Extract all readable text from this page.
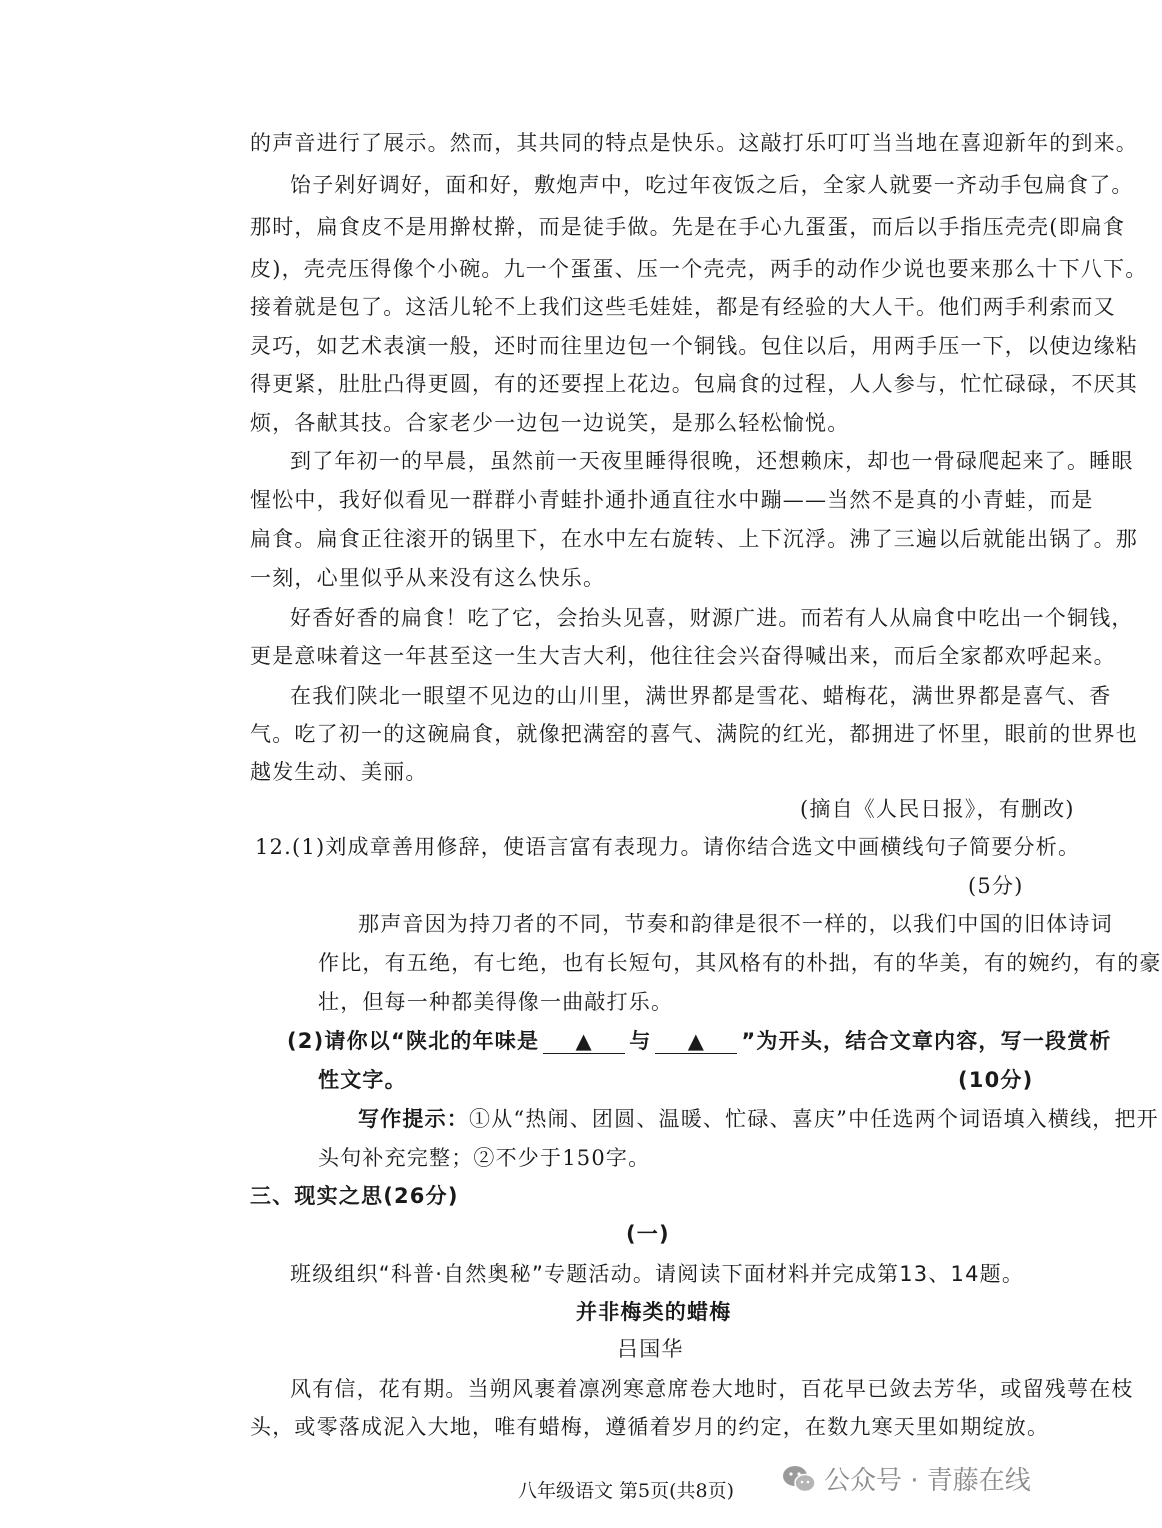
的声音进行了展示。然而，其共同的特点是快乐。这敲打乐叮叮当当地在喜迎新年的到来。
饴子剁好调好，面和好，敷炮声中，吃过年夜饭之后，全家人就要一齐动手包扁食了。
那时，扁食皮不是用擀杖擀，而是徒手做。先是在手心九蛋蛋，而后以手指压壳壳(即扁食
皮)，壳壳压得像个小碗。九一个蛋蛋、压一个壳壳，两手的动作少说也要来那么十下八下。
接着就是包了。这活儿轮不上我们这些毛娃娃，都是有经验的大人干。他们两手利索而又
灵巧，如艺术表演一般，还时而往里边包一个铜钱。包住以后，用两手压一下，以使边缘粘
得更紧，肚肚凸得更圆，有的还要捏上花边。包扁食的过程，人人参与，忙忙碌碌，不厌其
烦，各献其技。合家老少一边包一边说笑，是那么轻松愉悦。
到了年初一的早晨，虽然前一天夜里睡得很晚，还想赖床，却也一骨碌爬起来了。睡眼
惺忪中，我好似看见一群群小青蛙扑通扑通直往水中蹦——当然不是真的小青蛙，而是
扁食。扁食正往滚开的锅里下，在水中左右旋转、上下沉浮。沸了三遍以后就能出锅了。那
一刻，心里似乎从来没有这么快乐。
好香好香的扁食！吃了它，会抬头见喜，财源广进。而若有人从扁食中吃出一个铜钱，
更是意味着这一年甚至这一生大吉大利，他往往会兴奋得喊出来，而后全家都欢呼起来。
在我们陕北一眼望不见边的山川里，满世界都是雪花、蜡梅花，满世界都是喜气、香
气。吃了初一的这碗扁食，就像把满窑的喜气、满院的红光，都拥进了怀里，眼前的世界也
越发生动、美丽。
(摘自《人民日报》，有删改)
12.(1)刘成章善用修辞，使语言富有表现力。请你结合选文中画横线句子简要分析。
(5分)
那声音因为持刀者的不同，节奏和韵律是很不一样的，以我们中国的旧体诗词
作比，有五绝，有七绝，也有长短句，其风格有的朴拙，有的华美，有的婉约，有的豪
壮，但每一种都美得像一曲敲打乐。
(2)请你以“陕北的年味是 ▲ 与 ▲ ”为开头，结合文章内容，写一段赏析
性文字。	(10分)
写作提示：①从“热闹、团圆、温暖、忙碌、喜庆”中任选两个词语填入横线，把开
头句补充完整；②不少于150字。
三、现实之思(26分)
(一)
班级组织“科普·自然奥秘”专题活动。请阅读下面材料并完成第13、14题。
并非梅类的蜡梅
吕国华
风有信，花有期。当朔风裹着凛冽寒意席卷大地时，百花早已敛去芳华，或留残萼在枝
头，或零落成泥入大地，唯有蜡梅，遵循着岁月的约定，在数九寒天里如期绽放。
八年级语文 第5页(共8页)	公众号 · 青藤在线
